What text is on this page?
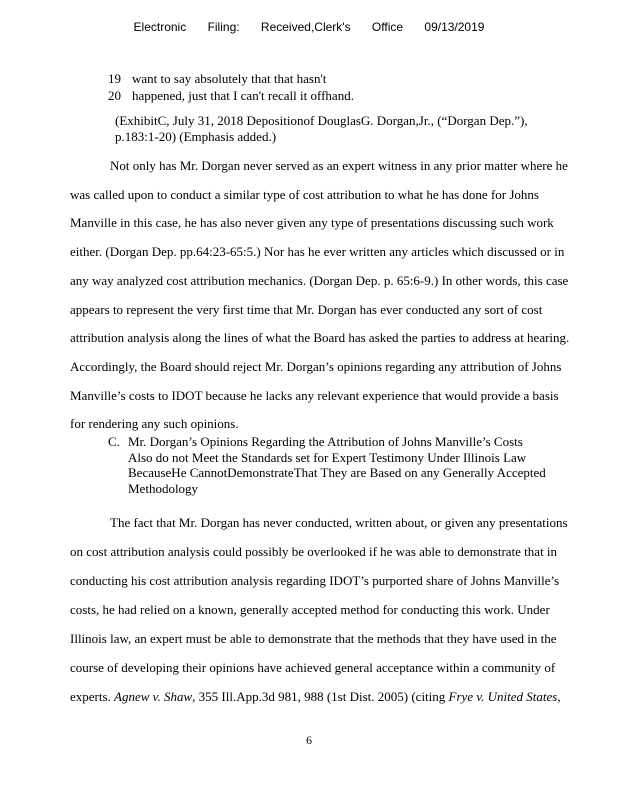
Electronic Filing: Received,Clerk's Office 09/13/2019
19 want to say absolutely that that hasn't
20 happened, just that I can't recall it offhand.
(ExhibitC, July 31, 2018 Depositionof DouglasG. Dorgan,Jr., (“Dorgan Dep.”), p.183:1-20) (Emphasis added.)
Not only has Mr. Dorgan never served as an expert witness in any prior matter where he was called upon to conduct a similar type of cost attribution to what he has done for Johns Manville in this case, he has also never given any type of presentations discussing such work either. (Dorgan Dep. pp.64:23-65:5.) Nor has he ever written any articles which discussed or in any way analyzed cost attribution mechanics. (Dorgan Dep. p. 65:6-9.) In other words, this case appears to represent the very first time that Mr. Dorgan has ever conducted any sort of cost attribution analysis along the lines of what the Board has asked the parties to address at hearing. Accordingly, the Board should reject Mr. Dorgan’s opinions regarding any attribution of Johns Manville’s costs to IDOT because he lacks any relevant experience that would provide a basis for rendering any such opinions.
C. Mr. Dorgan’s Opinions Regarding the Attribution of Johns Manville’s Costs Also do not Meet the Standards set for Expert Testimony Under Illinois Law BecauseHe CannotDemonstrateThat They are Based on any Generally Accepted Methodology
The fact that Mr. Dorgan has never conducted, written about, or given any presentations on cost attribution analysis could possibly be overlooked if he was able to demonstrate that in conducting his cost attribution analysis regarding IDOT’s purported share of Johns Manville’s costs, he had relied on a known, generally accepted method for conducting this work. Under Illinois law, an expert must be able to demonstrate that the methods that they have used in the course of developing their opinions have achieved general acceptance within a community of experts. Agnew v. Shaw, 355 Ill.App.3d 981, 988 (1st Dist. 2005) (citing Frye v. United States,
6
